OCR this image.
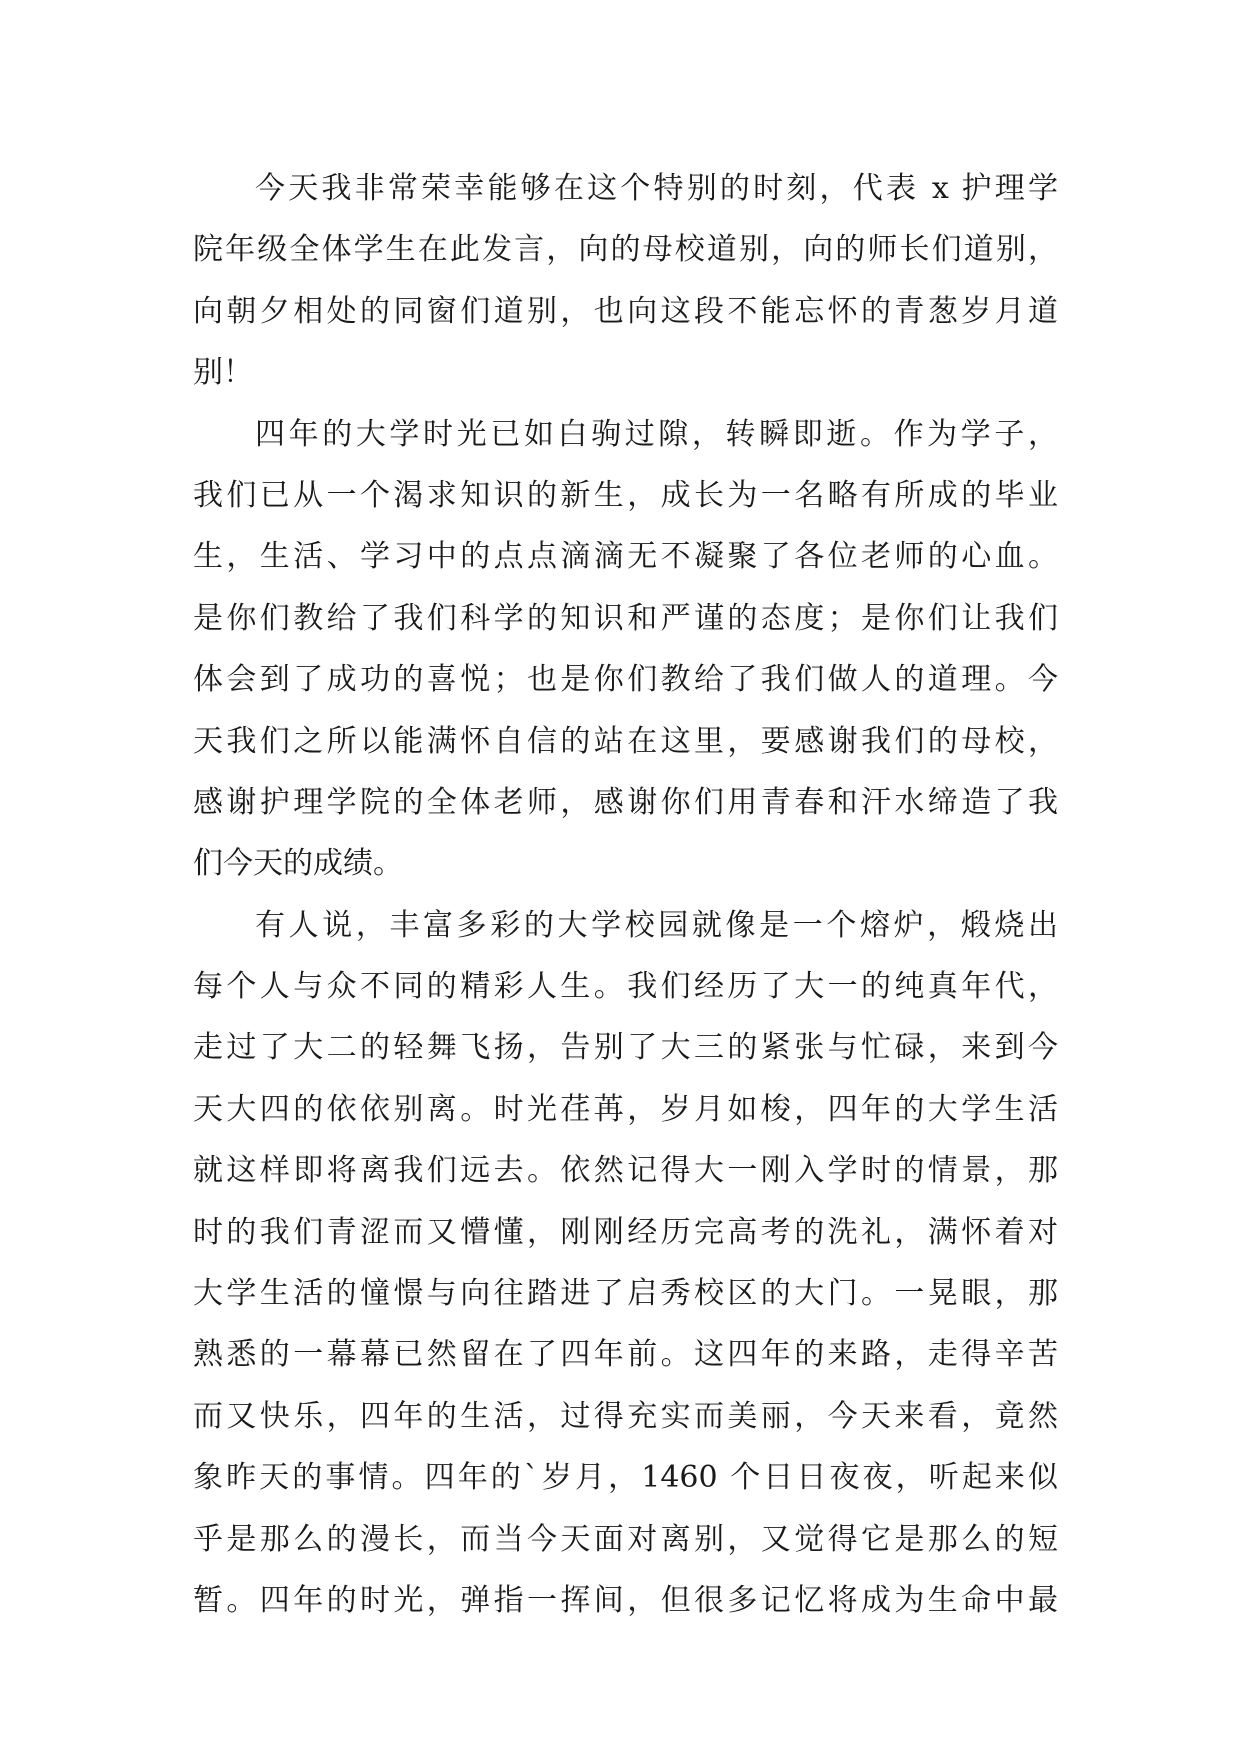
今天我非常荣幸能够在这个特别的时刻，代表 x 护理学
院年级全体学生在此发言，向的母校道别，向的师长们道别，
向朝夕相处的同窗们道别，也向这段不能忘怀的青葱岁月道
别！
四年的大学时光已如白驹过隙，转瞬即逝。作为学子，
我们已从一个渴求知识的新生，成长为一名略有所成的毕业
生，生活、学习中的点点滴滴无不凝聚了各位老师的心血。
是你们教给了我们科学的知识和严谨的态度；是你们让我们
体会到了成功的喜悦；也是你们教给了我们做人的道理。今
天我们之所以能满怀自信的站在这里，要感谢我们的母校，
感谢护理学院的全体老师，感谢你们用青春和汗水缔造了我
们今天的成绩。
有人说，丰富多彩的大学校园就像是一个熔炉，煅烧出
每个人与众不同的精彩人生。我们经历了大一的纯真年代，
走过了大二的轻舞飞扬，告别了大三的紧张与忙碌，来到今
天大四的依依别离。时光荏苒，岁月如梭，四年的大学生活
就这样即将离我们远去。依然记得大一刚入学时的情景，那
时的我们青涩而又懵懂，刚刚经历完高考的洗礼，满怀着对
大学生活的憧憬与向往踏进了启秀校区的大门。一晃眼，那
熟悉的一幕幕已然留在了四年前。这四年的来路，走得辛苦
而又快乐，四年的生活，过得充实而美丽，今天来看，竟然
象昨天的事情。四年的`岁月，1460 个日日夜夜，听起来似
乎是那么的漫长，而当今天面对离别，又觉得它是那么的短
暂。四年的时光，弹指一挥间，但很多记忆将成为生命中最
